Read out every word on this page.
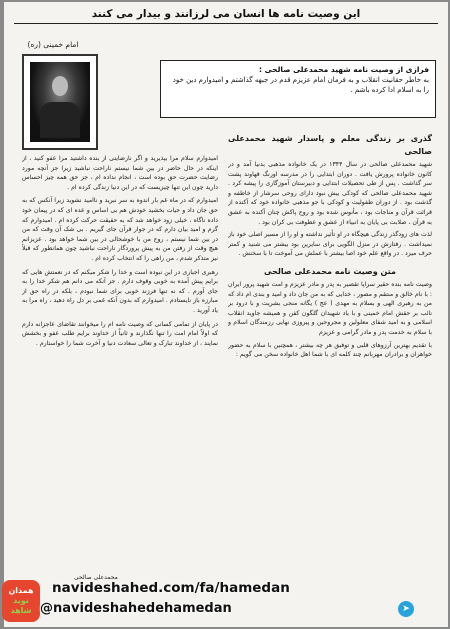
این وصیت نامه ها انسان می لرزانند و بیدار می کنند
امام خمینی (ره)
فرازی از وصیت نامه شهید محمدعلی صالحی :
به خاطر حقانیت انقلاب و به فرمان امام عزیزم قدم در جبهه گذاشتم و امیدوارم دین خود را به اسلام ادا کرده باشم .
گذری بر زندگی معلم و پاسدار شهید محمدعلی صالحی

شهید محمدعلی صالحی در سال ۱۳۴۴ در یک خانواده مذهبی بدنیا آمد و در کانون خانواده پرورش یافت . دوران ابتدایی را در مدرسه اورنگ قهاوند پشت سر گذاشت . پس از طی تحصیلات ابتدایی و دبیرستان آموزگاری را پیشه کرد . شهید محمدعلی صالحی که کودکی بیش نبود دارای روحی سرشار از خاطفه و گذشت بود . از دوران طفولیت و کودکی با جو مذهبی خانواده خود که آکنده از قرائت قرآن و مناجات بود ، مأنوس شده بود و روح پاکش چنان آکنده به عشق به قرآن ، صلابت بی پایان به انبیاء از عشق و عطوفت بی کران بود .

لذت های زودگذر زندگی هیچگاه در او تأثیر نداشته و او را از مسیر اصلی خود باز نمیداشت . رفتارش در منزل الگویی برای سایرین بود بیشتر می شنید و کمتر حرف میزد . در واقع علم خود اصا بیشتر با عملش می آموخت تا با سخنش .

متن وصیت نامه محمدعلی صالحی

وصیت نامه بنده حقیر سراپا تقصیر به پدر و مادر عزیزم و امت شهید پرور ایران : با نام خالق و منتقم و مصور ، خدایی که به من جان داد و امید و بندی ام داد که من به رهبری الهی و بسلام به مهدی ( عج ) یگانه منجی بشریت و با درود بر نائب بر حقش امام خمینی و با یاد شهیدان گلگون کفن و همیشه جاوید انقلاب اسلامی و به امید شفای معلولین و مجروحین و پیروزی نهایی رزمندگان اسلام و با سلام به خدمت پدر و مادر گرامی و عزیزم

با تقدیم بهترین آرزوهای قلبی و توفیق هر چه بیشتر ، همچنین با سلام به حضور خواهران و برادران مهربانم چند کلمه ای با شما اهل خانواده سخن می گویم :

امیدوارم سلام مرا بپذیرید و اگر نارضایتی از بنده داشتید مرا عفو کنید ، از اینکه در حال حاضر در بین شما نیستم ناراحت نباشید زیرا جز آنچه مورد رضایت حضرت حق بوده است ، انجام نداده ام ، جز حق همه چیز احساس دارید چون این تنها چیزیست که در این دنیا زندگی کرده ام .

امیدوارم که در ماه غم بار اندوه به سر نبرید و ناامید نشوید زیرا آنکس که به حق جان داد و حیات بخشید خودش هم بی اساس و عده ای که در پیمان خود داده ناگاه ، خیلی زود خواهد شد که به حقیقت حرکت کرده ام . امیدوارم که گرم و امید بیان دارم که در جوار قرآن جای گیریم . بی شک آن وقت که من در بین شما نیستم ، روح من با خوشحالی در بین شما خواهد بود . عزیزانم هیچ وقت از رفتن من به پیش پروردگار ناراحت نباشید چون همانطور که قبلاً نیز متذکر شدم ، من راهی را که انتخاب کرده ام .

رهبری اجباری در این نبوده است و خدا را شکر میکنم که در نعمتش هایی که برایم پیش آمده به خوبی وقوف دارم . جز آنکه می دانم هم شکر خدا را به جای آورم . که نه تنها فرزند خوبی برای شما نبودم ، بلکه در راه حق از مبارزه باز نایستادم . امیدوارم که بدون آنکه غمی بر دل راه دهید ، راه مرا به یاد آورید .

در پایان از تمامی کسانی که وصیت نامه ام را میخوانند تقاضای عاجزانه دارم که اولاً امام امت را تنها نگذارند و ثانیاً از خداوند برایم طلب عفو و بخشش نمایند ، از خداوند تبارک و تعالی سعادت دنیا و آخرت شما را خواستارم .

محمدعلی صالحی
همدان
نوید شاهد
navideshahed.com/fa/hamedan
@navideshahedehamedan	➤
